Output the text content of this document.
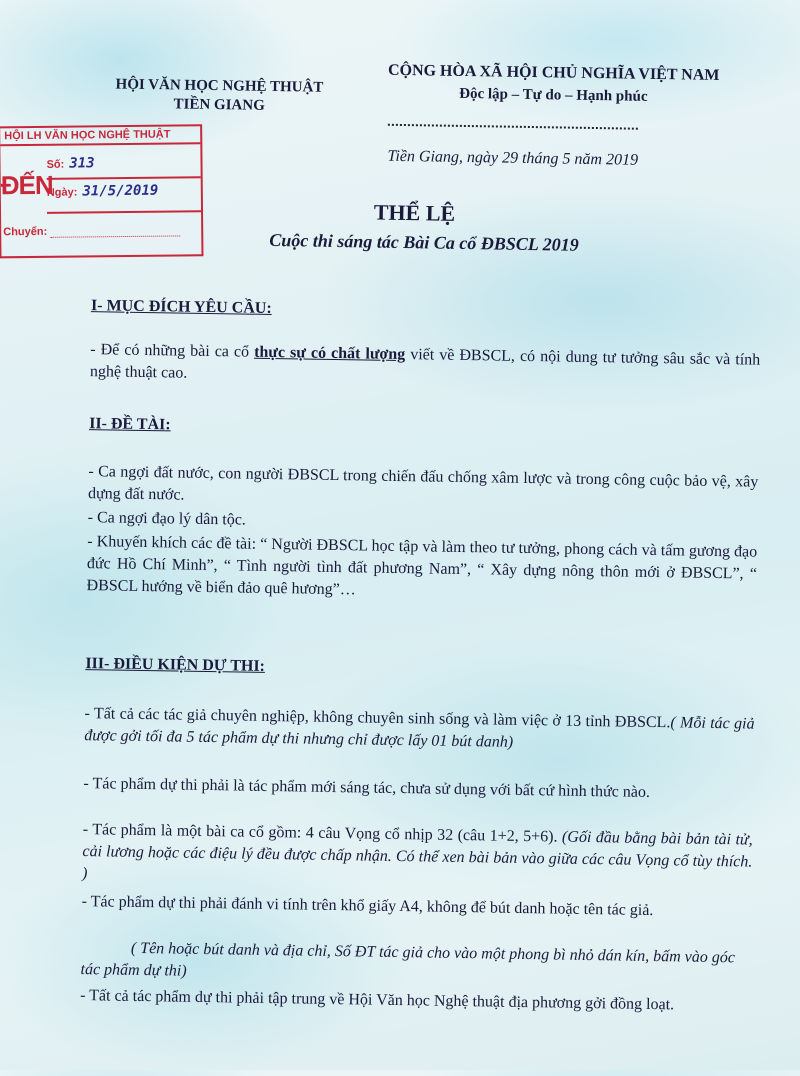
HỘI VĂN HỌC NGHỆ THUẬT
TIỀN GIANG
CỘNG HÒA XÃ HỘI CHỦ NGHĨA VIỆT NAM
Độc lập – Tự do – Hạnh phúc
Tiền Giang, ngày 29 tháng 5 năm 2019
HỘI LH VĂN HỌC NGHỆ THUẬT
ĐẾN
Số: 313
Ngày: 31/5/2019
Chuyển:
THỂ LỆ
Cuộc thi sáng tác Bài Ca cổ ĐBSCL 2019
I- MỤC ĐÍCH YÊU CẦU:
- Để có những bài ca cổ thực sự có chất lượng viết về ĐBSCL, có nội dung tư tưởng sâu sắc và tính nghệ thuật cao.
II- ĐỀ TÀI:
- Ca ngợi đất nước, con người ĐBSCL trong chiến đấu chống xâm lược và trong công cuộc bảo vệ, xây dựng đất nước.
- Ca ngợi đạo lý dân tộc.
- Khuyến khích các đề tài: “ Người ĐBSCL học tập và làm theo tư tưởng, phong cách và tấm gương đạo đức Hồ Chí Minh”, “ Tình người tình đất phương Nam”, “ Xây dựng nông thôn mới ở ĐBSCL”, “ ĐBSCL hướng về biển đảo quê hương”…
III- ĐIỀU KIỆN DỰ THI:
- Tất cả các tác giả chuyên nghiệp, không chuyên sinh sống và làm việc ở 13 tỉnh ĐBSCL.( Mỗi tác giả được gởi tối đa 5 tác phẩm dự thi nhưng chỉ được lấy 01 bút danh)
- Tác phẩm dự thi phải là tác phẩm mới sáng tác, chưa sử dụng với bất cứ hình thức nào.
- Tác phẩm là một bài ca cổ gồm: 4 câu Vọng cổ nhịp 32 (câu 1+2, 5+6). (Gối đầu bằng bài bản tài tử, cải lương hoặc các điệu lý đều được chấp nhận. Có thể xen bài bản vào giữa các câu Vọng cổ tùy thích. )
- Tác phẩm dự thi phải đánh vi tính trên khổ giấy A4, không để bút danh hoặc tên tác giả.
( Tên hoặc bút danh và địa chỉ, Số ĐT tác giả cho vào một phong bì nhỏ dán kín, bấm vào góc tác phẩm dự thi)
- Tất cả tác phẩm dự thi phải tập trung về Hội Văn học Nghệ thuật địa phương gởi đồng loạt.
